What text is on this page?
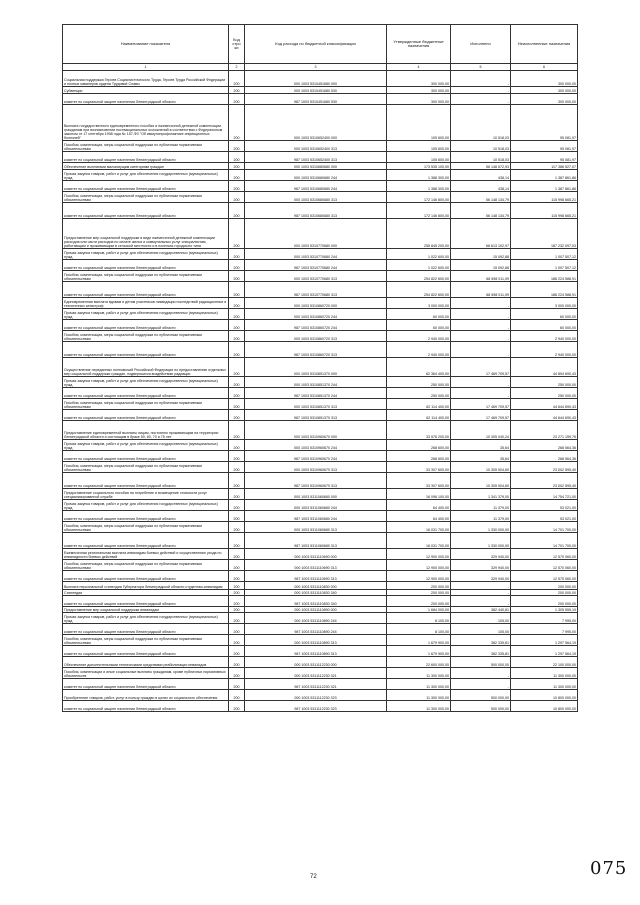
Наименование показателя	Код стро ки	Код расхода по бюджетной классификации	Утвержденные бюджетные назначения	Исполнено	Неисполненные назначения
1	2	3	4	5	6
Социальная поддержка Героев Социалистического Труда, Героев Труда Российской Федерации и полных кавалеров ордена Трудовой Славы	200	000 1003 5310451680 000	300 000,00	-	300 000,00
Субвенции	200	000 1003 5310451680 530	300 000,00	-	300 000,00
комитет по социальной защите населения Ленинградской области	200	987 1003 5310451680 530	300 000,00	-	300 000,00
Выплата государственного единовременного пособия и ежемесячной денежной компенсации гражданам при возникновении поствакцинальных осложнений в соответствии с Федеральным законом от 17 сентября 1998 года № 157-ФЗ "Об иммунопрофилактике инфекционных болезней"	200	000 1003 5310652400 000	105 600,00	10 518,03	95 081,97
Пособия, компенсации, меры социальной поддержки по публичным нормативным обязательствам	200	000 1003 5310652400 313	105 600,00	10 518,03	95 081,97
комитет по социальной защите населения Ленинградской области	200	987 1003 5310652400 313	105 600,00	10 518,03	95 081,97
Обеспечение выплатами малоимущим категориям граждан	200	000 1003 5310680680 000	173 535 100,00	56 148 572,93	117 386 527,07
Прочая закупка товаров, работ и услуг для обеспечения государственных (муниципальных) нужд	200	000 1003 5310680680 244	1 388 300,00	438,14	1 387 861,86
комитет по социальной защите населения Ленинградской области	200	987 1003 5310680680 244	1 388 300,00	438,14	1 387 861,86
Пособия, компенсации, меры социальной поддержки по публичным нормативным обязательствам	200	000 1003 5310680680 313	172 146 800,00	56 148 134,79	115 998 665,21
комитет по социальной защите населения Ленинградской области	200	987 1003 5310680680 313	172 146 800,00	56 148 134,79	115 998 665,21
Предоставление мер социальной поддержки в виде ежемесячной денежной компенсации расходов или части расходов по оплате жилья и коммунальных услуг специалистам, работающим и проживающим в сельской местности и в поселках городского типа	200	000 1003 5310770680 000	255 845 200,00	68 613 102,97	187 232 097,03
Прочая закупка товаров, работ и услуг для обеспечения государственных (муниципальных) нужд	200	000 1003 5310770680 244	1 022 600,00	15 092,88	1 007 507,12
комитет по социальной защите населения Ленинградской области	200	987 1003 5310770680 244	1 022 600,00	15 092,88	1 007 507,12
Пособия, компенсации, меры социальной поддержки по публичным нормативным обязательствам	200	000 1003 5310770680 313	254 822 600,00	68 598 011,09	186 224 588,91
комитет по социальной защите населения Ленинградской области	200	987 1003 5310770680 313	254 822 600,00	68 598 011,09	186 224 588,91
Единовременная выплата вдовам и детям участников ликвидации последствий радиационных и техногенных катастроф	200	000 1003 5310860720 000	3 000 000,00	-	3 000 000,00
Прочая закупка товаров, работ и услуг для обеспечения государственных (муниципальных) нужд	200	000 1003 5310860720 244	60 000,00	-	60 000,00
комитет по социальной защите населения Ленинградской области	200	987 1003 5310860720 244	60 000,00	-	60 000,00
Пособия, компенсации, меры социальной поддержки по публичным нормативным обязательствам	200	000 1003 5310860720 313	2 940 000,00	-	2 940 000,00
комитет по социальной защите населения Ленинградской области	200	987 1003 5310860720 313	2 940 000,00	-	2 940 000,00
Осуществление переданных полномочий Российской Федерации по предоставлению отдельных мер социальной поддержки граждан, подвергшихся воздействию радиации	200	000 1003 5310851370 000	62 364 400,00	17 469 709,57	44 894 690,43
Прочая закупка товаров, работ и услуг для обеспечения государственных (муниципальных) нужд	200	000 1003 5310851370 244	250 000,00	-	250 000,00
комитет по социальной защите населения Ленинградской области	200	987 1003 5310851370 244	250 000,00	-	250 000,00
Пособия, компенсации, меры социальной поддержки по публичным нормативным обязательствам	200	000 1003 5310851370 313	62 114 400,00	17 469 709,57	44 644 690,43
комитет по социальной защите населения Ленинградской области	200	987 1003 5310851370 313	62 114 400,00	17 469 709,57	44 644 690,43
Предоставление единовременной выплаты лицам, постоянно проживающим на территории Ленинградской области и состоящим в браке 50, 60, 70 и 75 лет	200	000 1003 5310960670 000	33 576 200,00	10 305 040,24	23 271 159,76
Прочая закупка товаров, работ и услуг для обеспечения государственных (муниципальных) нужд	200	000 1003 5310960670 244	268 600,00	35,64	268 564,36
комитет по социальной защите населения Ленинградской области	200	987 1003 5310960670 244	268 600,00	35,64	268 564,36
Пособия, компенсации, меры социальной поддержки по публичным нормативным обязательствам	200	000 1003 5310960670 313	33 307 600,00	10 305 004,60	23 002 595,40
комитет по социальной защите населения Ленинградской области	200	987 1003 5310960670 313	33 307 600,00	10 305 004,60	23 002 595,40
Предоставление социального пособия на погребение и возмещение стоимости услуг специализированной службе	200	000 1003 5311060680 000	16 096 100,00	1 341 379,00	14 754 721,00
Прочая закупка товаров, работ и услуг для обеспечения государственных (муниципальных) нужд	200	000 1003 5311060680 244	64 400,00	11 379,00	53 021,00
комитет по социальной защите населения Ленинградской области	200	987 1003 5311060680 244	64 400,00	11 379,00	53 021,00
Пособия, компенсации, меры социальной поддержки по публичным нормативным обязательствам	200	000 1003 5311060680 313	16 031 700,00	1 330 000,00	14 701 700,00
комитет по социальной защите населения Ленинградской области	200	987 1003 5311060680 313	16 031 700,00	1 330 000,00	14 701 700,00
Ежемесячная региональная выплата инвалидам боевых действий и осуществлению ухода по инвалидности боевых действий	200	000 1003 5311110690 000	12 900 000,00	329 940,00	12 570 060,00
Пособия, компенсации, меры социальной поддержки по публичным нормативным обязательствам	200	000 1003 5311110690 313	12 900 000,00	329 940,00	12 570 060,00
комитет по социальной защите населения Ленинградской области	200	987 1003 5311110690 313	12 900 000,00	329 940,00	12 570 060,00
Выплата персональной стипендии Губернатора Ленинградской области студентам-инвалидам	200	000 1003 5311110830 000	200 000,00	-	200 000,00
Стипендии	200	000 1003 5311110830 340	200 000,00	-	200 000,00
комитет по социальной защите населения Ленинградской области	200	987 1003 5311110830 340	200 000,00	-	200 000,00
Предоставление мер социальной поддержки инвалидам	200	000 1003 5311110890 000	1 684 000,00	382 440,81	1 305 559,19
Прочая закупка товаров, работ и услуг для обеспечения государственных (муниципальных) нужд	200	000 1003 5311110890 244	8 100,00	105,00	7 995,00
комитет по социальной защите населения Ленинградской области	200	987 1003 5311110890 244	8 100,00	105,00	7 995,00
Пособия, компенсации, меры социальной поддержки по публичным нормативным обязательствам	200	000 1003 5311110890 313	1 679 900,00	382 335,81	1 297 564,19
комитет по социальной защите населения Ленинградской области	200	987 1003 5311110890 313	1 679 900,00	382 335,81	1 297 564,19
Обеспечение дополнительными техническими средствами реабилитации инвалидов	200	000 1003 5311112230 000	22 600 000,00	500 000,00	22 100 000,00
Пособия, компенсации и иные социальные выплаты гражданам, кроме публичных нормативных обязательств	200	000 1003 5311112230 321	11 300 000,00	-	11 300 000,00
комитет по социальной защите населения Ленинградской области	200	987 1003 5311112230 321	11 300 000,00	-	11 300 000,00
Приобретение товаров, работ, услуг в пользу граждан в целях их социального обеспечения	200	000 1003 5311112230 323	11 300 000,00	500 000,00	10 800 000,00
комитет по социальной защите населения Ленинградской области	200	987 1003 5311112230 323	11 300 000,00	500 000,00	10 800 000,00
72	075
